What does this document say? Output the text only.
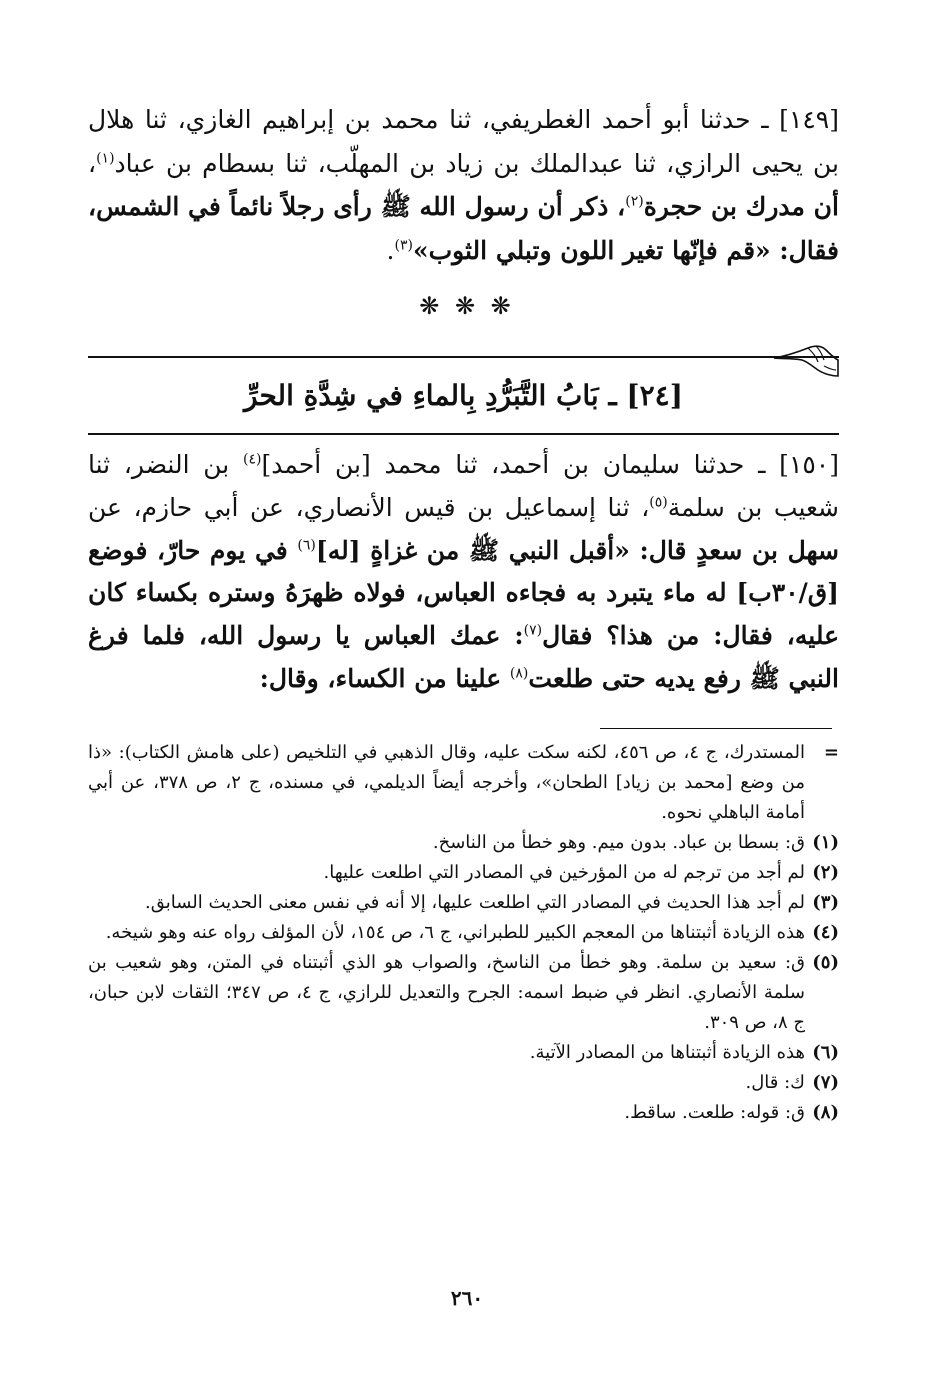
[١٤٩] ـ حدثنا أبو أحمد الغطريفي، ثنا محمد بن إبراهيم الغازي، ثنا هلال بن يحيى الرازي، ثنا عبدالملك بن زياد بن المهلّب، ثنا بسطام بن عباد$^{(١)}$، أن مدرك بن حجرة$^{(٢)}$، ذكر أن رسول الله ﷺ رأى رجلاً نائماً في الشمس، فقال: «قم فإنّها تغير اللون وتبلي الثوب»$^{(٣)}$.
❋ ❋ ❋
[٢٤] ـ بَابُ التَّبَرُّدِ بِالماءِ في شِدَّةِ الحرِّ
[١٥٠] ـ حدثنا سليمان بن أحمد، ثنا محمد [بن أحمد]$^{(٤)}$ بن النضر، ثنا شعيب بن سلمة$^{(٥)}$، ثنا إسماعيل بن قيس الأنصاري، عن أبي حازم، عن سهل بن سعدٍ قال: «أقبل النبي ﷺ من غزاةٍ [له]$^{(٦)}$ في يوم حارّ، فوضع [ق/٣٠ب] له ماء يتبرد به فجاءه العباس، فولاه ظهرَهُ وستره بكساء كان عليه، فقال: من هذا؟ فقال$^{(٧)}$: عمك العباس يا رسول الله، فلما فرغ النبي ﷺ رفع يديه حتى طلعت$^{(٨)}$ علينا من الكساء، وقال:
=
المستدرك، ج ٤، ص ٤٥٦، لكنه سكت عليه، وقال الذهبي في التلخيص (على هامش الكتاب): «ذا من وضع [محمد بن زياد] الطحان»، وأخرجه أيضاً الديلمي، في مسنده، ج ٢، ص ٣٧٨، عن أبي أمامة الباهلي نحوه.
(١)
ق: بسطا بن عباد. بدون ميم. وهو خطأ من الناسخ.
(٢)
لم أجد من ترجم له من المؤرخين في المصادر التي اطلعت عليها.
(٣)
لم أجد هذا الحديث في المصادر التي اطلعت عليها، إلا أنه في نفس معنى الحديث السابق.
(٤)
هذه الزيادة أثبتناها من المعجم الكبير للطبراني، ج ٦، ص ١٥٤، لأن المؤلف رواه عنه وهو شيخه.
(٥)
ق: سعيد بن سلمة. وهو خطأ من الناسخ، والصواب هو الذي أثبتناه في المتن، وهو شعيب بن سلمة الأنصاري. انظر في ضبط اسمه: الجرح والتعديل للرازي، ج ٤، ص ٣٤٧؛ الثقات لابن حبان، ج ٨، ص ٣٠٩.
(٦)
هذه الزيادة أثبتناها من المصادر الآتية.
(٧)
ك: قال.
(٨)
ق: قوله: طلعت. ساقط.
٢٦٠
